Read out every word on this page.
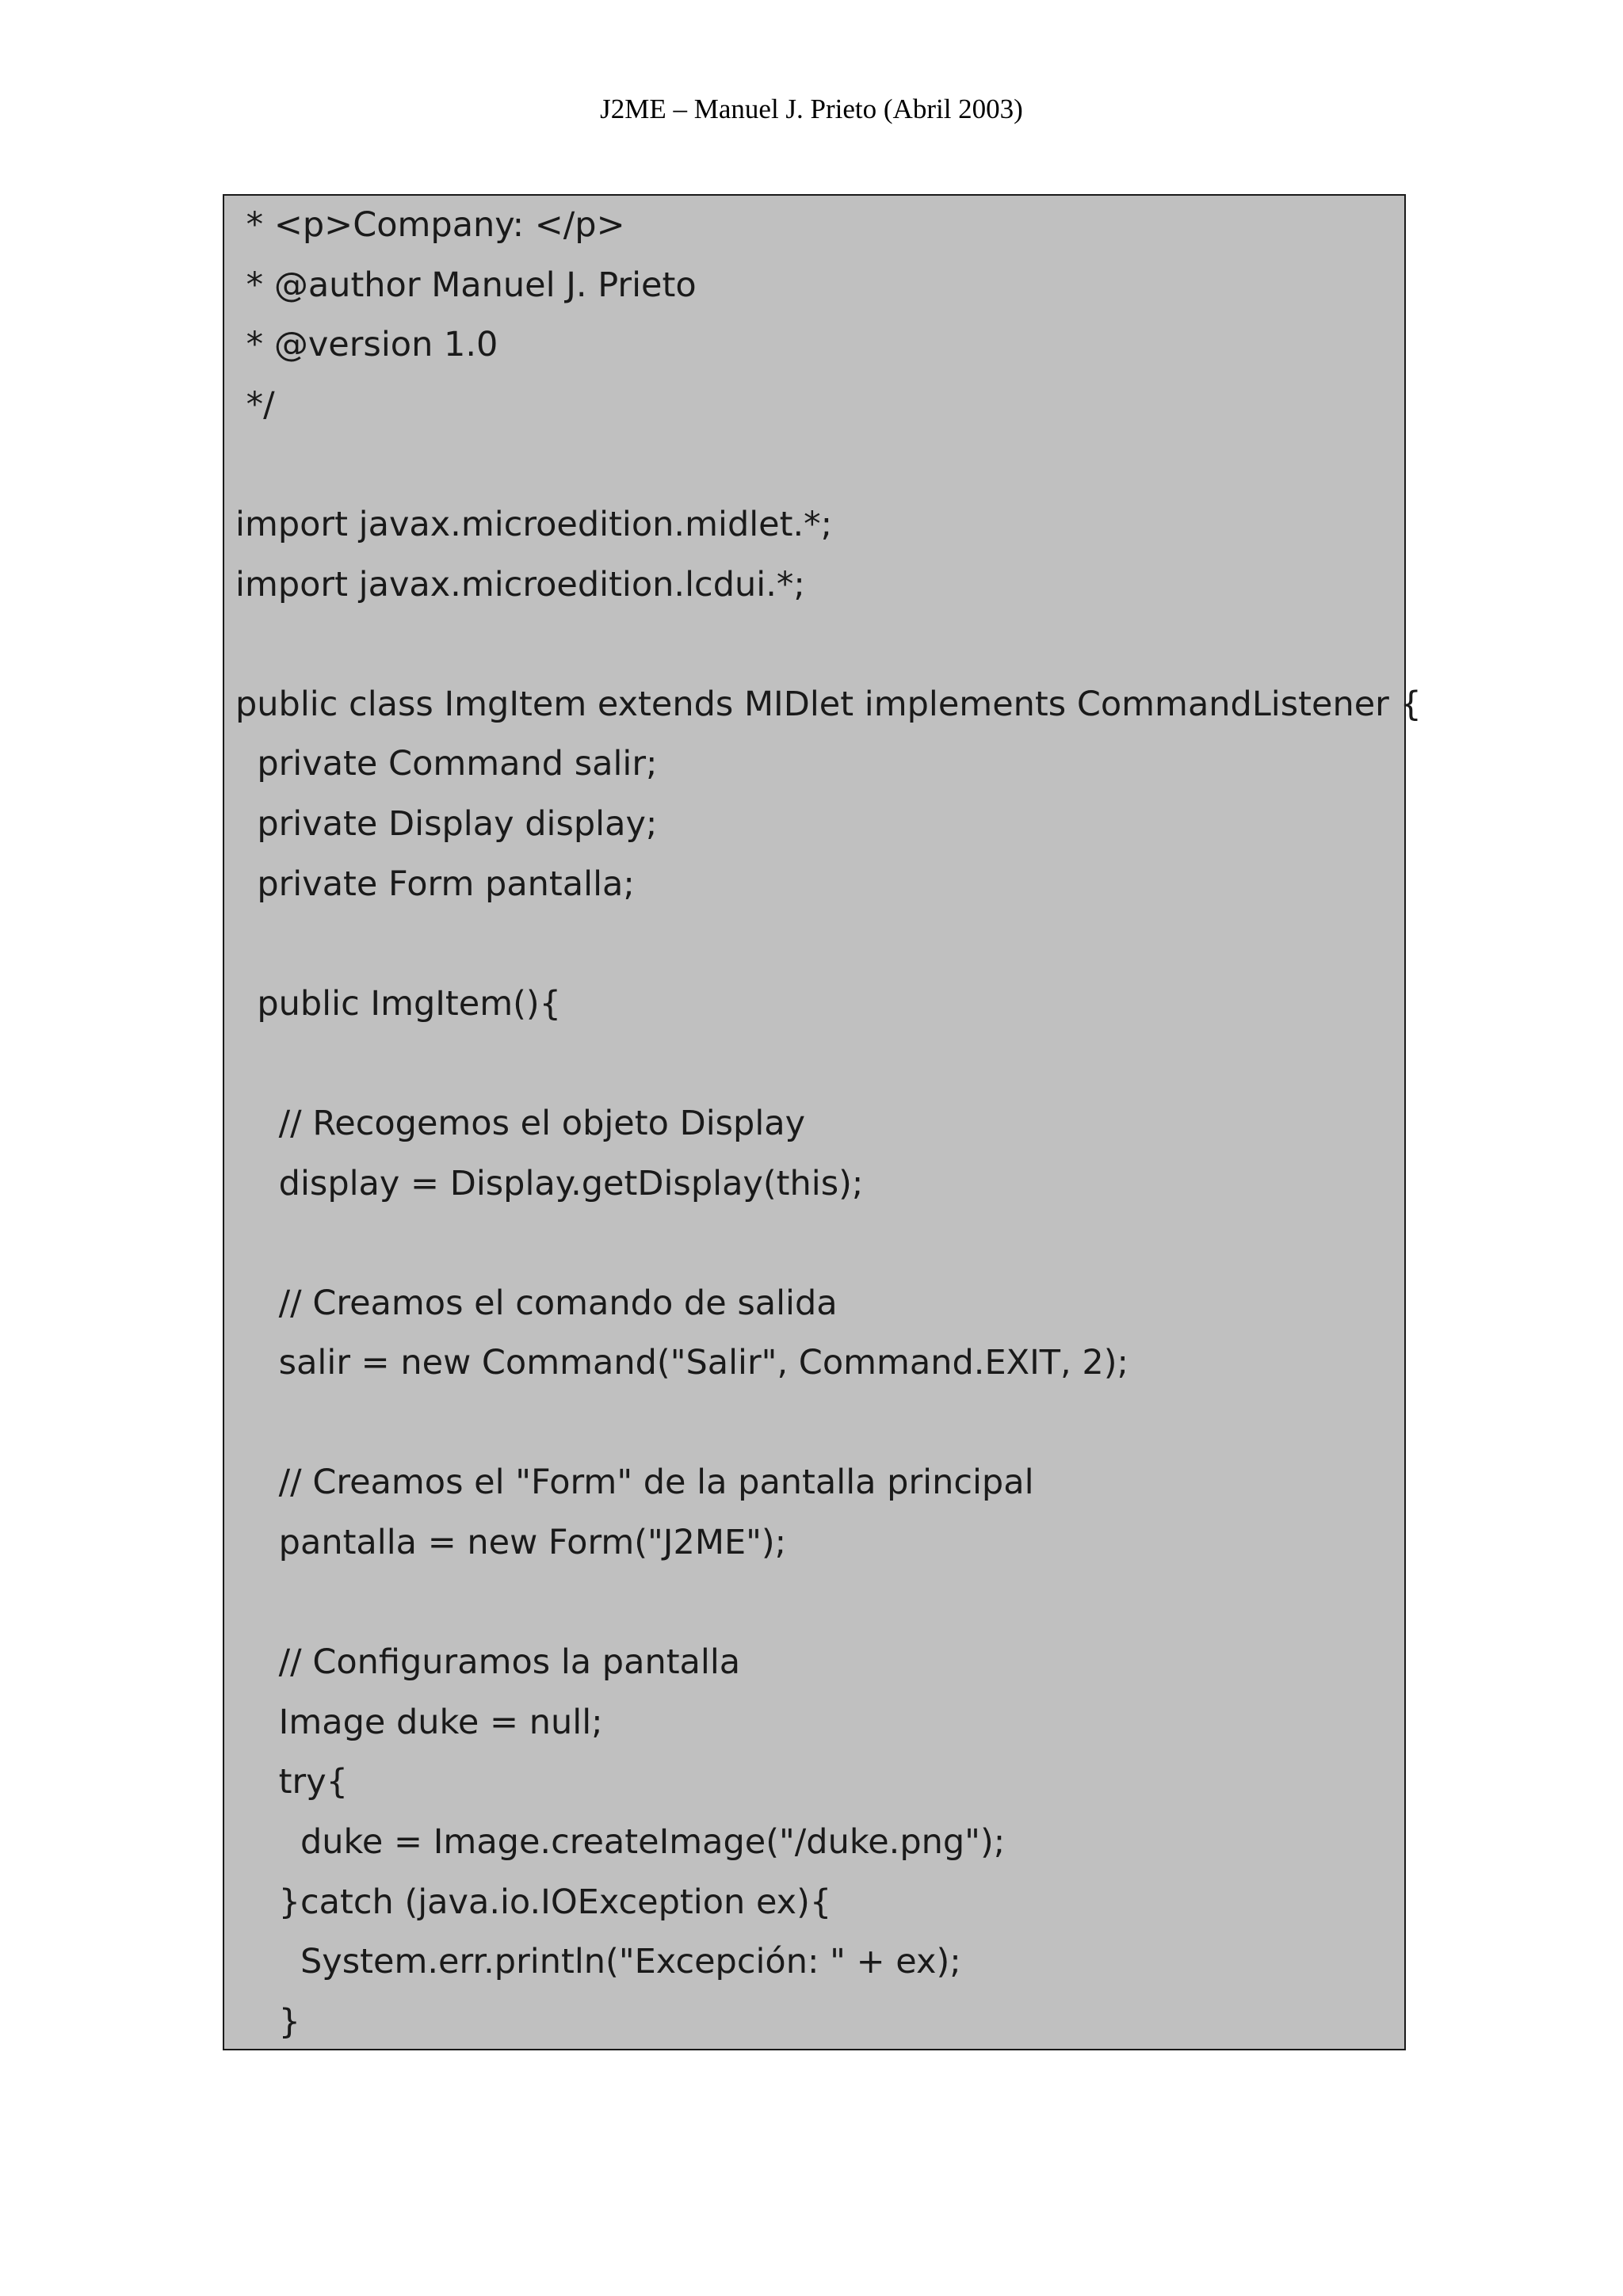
J2ME – Manuel J. Prieto (Abril 2003)
* <p>Company: </p>
* @author Manuel J. Prieto
* @version 1.0
*/
import javax.microedition.midlet.*;
import javax.microedition.lcdui.*;
public class ImgItem extends MIDlet implements CommandListener {
private Command salir;
private Display display;
private Form pantalla;
public ImgItem(){
// Recogemos el objeto Display
display = Display.getDisplay(this);
// Creamos el comando de salida
salir = new Command("Salir", Command.EXIT, 2);
// Creamos el "Form" de la pantalla principal
pantalla = new Form("J2ME");
// Configuramos la pantalla
Image duke = null;
try{
duke = Image.createImage("/duke.png");
}catch (java.io.IOException ex){
System.err.println("Excepción: " + ex);
}
